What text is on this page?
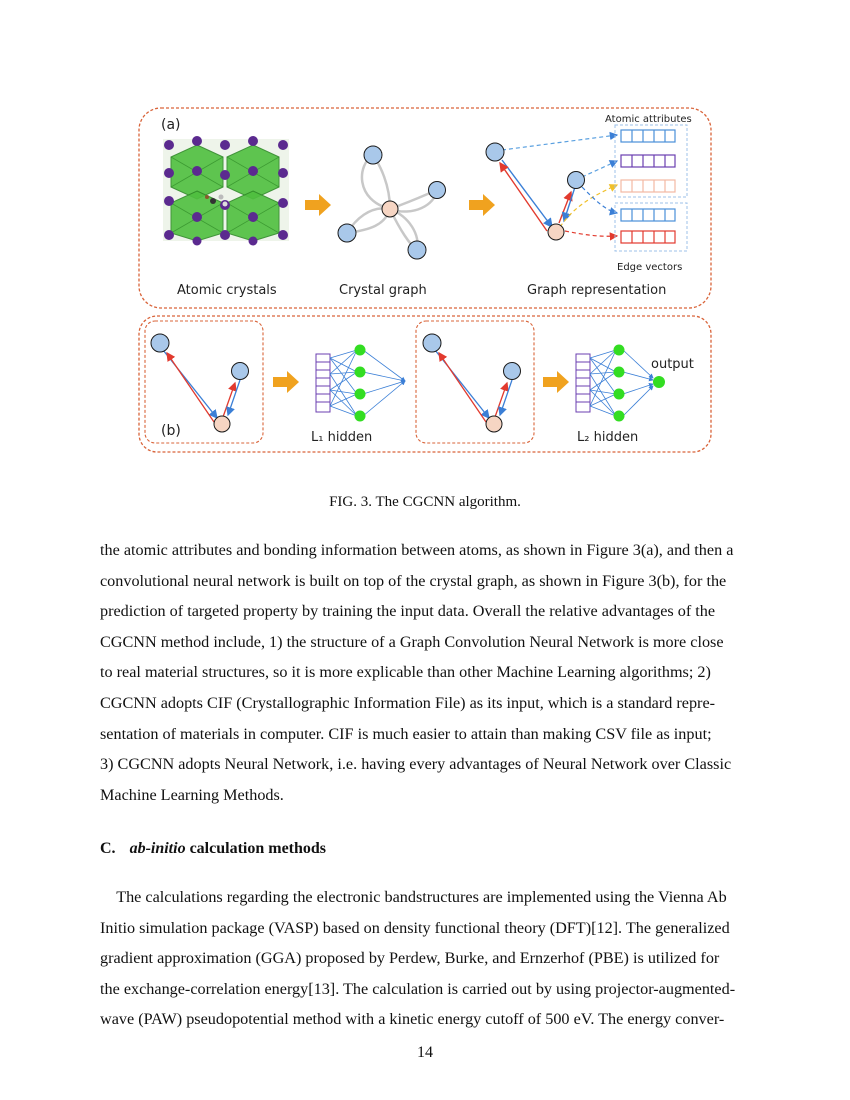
(a)
Atomic crystals	Crystal graph	Graph representation
Atomic attributes
Edge vectors
(b)	L₁ hidden
output
L₂ hidden
FIG. 3. The CGCNN algorithm.

the atomic attributes and bonding information between atoms, as shown in Figure 3(a), and then a
convolutional neural network is built on top of the crystal graph, as shown in Figure 3(b), for the
prediction of targeted property by training the input data. Overall the relative advantages of the
CGCNN method include, 1) the structure of a Graph Convolution Neural Network is more close
to real material structures, so it is more explicable than other Machine Learning algorithms; 2)
CGCNN adopts CIF (Crystallographic Information File) as its input, which is a standard repre-
sentation of materials in computer. CIF is much easier to attain than making CSV file as input;
3) CGCNN adopts Neural Network, i.e. having every advantages of Neural Network over Classic
Machine Learning Methods.

C. ab-initio calculation methods

 The calculations regarding the electronic bandstructures are implemented using the Vienna Ab
Initio simulation package (VASP) based on density functional theory (DFT)[12]. The generalized
gradient approximation (GGA) proposed by Perdew, Burke, and Ernzerhof (PBE) is utilized for
the exchange-correlation energy[13]. The calculation is carried out by using projector-augmented-
wave (PAW) pseudopotential method with a kinetic energy cutoff of 500 eV. The energy conver-

14
